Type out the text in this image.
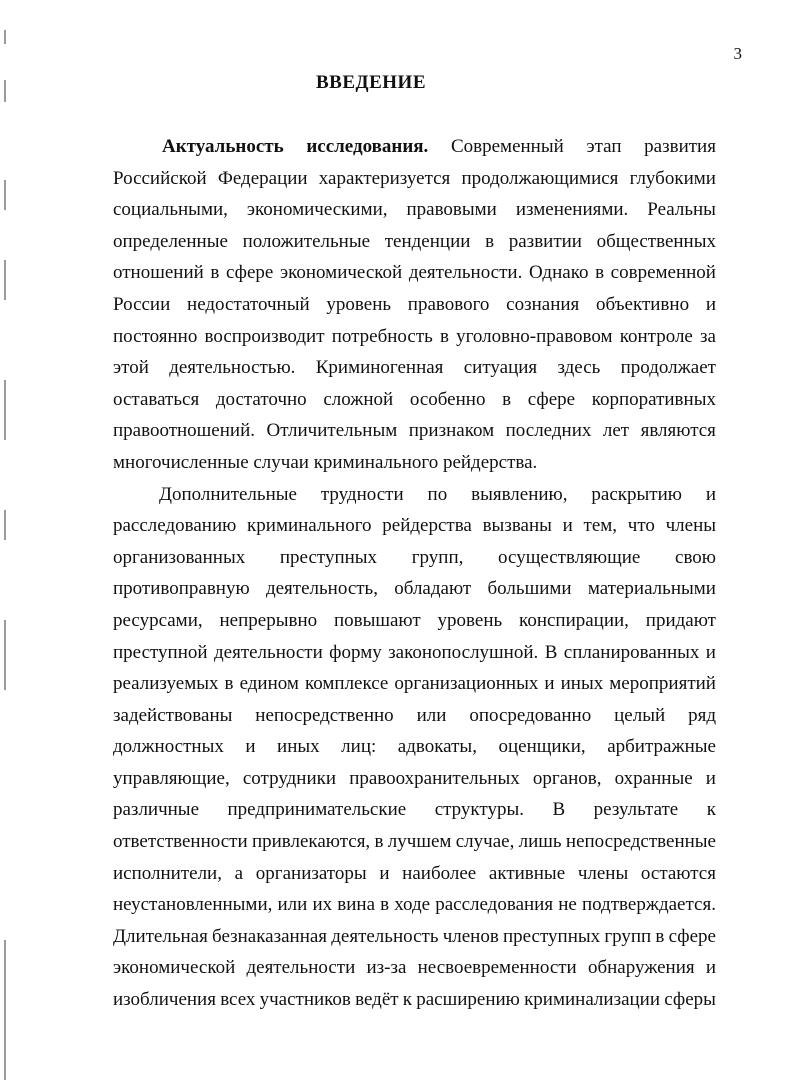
3
ВВЕДЕНИЕ
Актуальность исследования. Современный этап развития
Российской Федерации характеризуется продолжающимися глубокими
социальными, экономическими, правовыми изменениями. Реальны
определенные положительные тенденции в развитии общественных
отношений в сфере экономической деятельности. Однако в современной
России недостаточный уровень правового сознания объективно и
постоянно воспроизводит потребность в уголовно-правовом контроле за
этой деятельностью. Криминогенная ситуация здесь продолжает
оставаться достаточно сложной особенно в сфере корпоративных
правоотношений. Отличительным признаком последних лет являются
многочисленные случаи криминального рейдерства.
Дополнительные трудности по выявлению, раскрытию и
расследованию криминального рейдерства вызваны и тем, что члены
организованных преступных групп, осуществляющие свою
противоправную деятельность, обладают большими материальными
ресурсами, непрерывно повышают уровень конспирации, придают
преступной деятельности форму законопослушной. В спланированных и
реализуемых в едином комплексе организационных и иных мероприятий
задействованы непосредственно или опосредованно целый ряд
должностных и иных лиц: адвокаты, оценщики, арбитражные
управляющие, сотрудники правоохранительных органов, охранные и
различные предпринимательские структуры. В результате к
ответственности привлекаются, в лучшем случае, лишь непосредственные
исполнители, а организаторы и наиболее активные члены остаются
неустановленными, или их вина в ходе расследования не подтверждается.
Длительная безнаказанная деятельность членов преступных групп в сфере
экономической деятельности из-за несвоевременности обнаружения и
изобличения всех участников ведёт к расширению криминализации сферы
